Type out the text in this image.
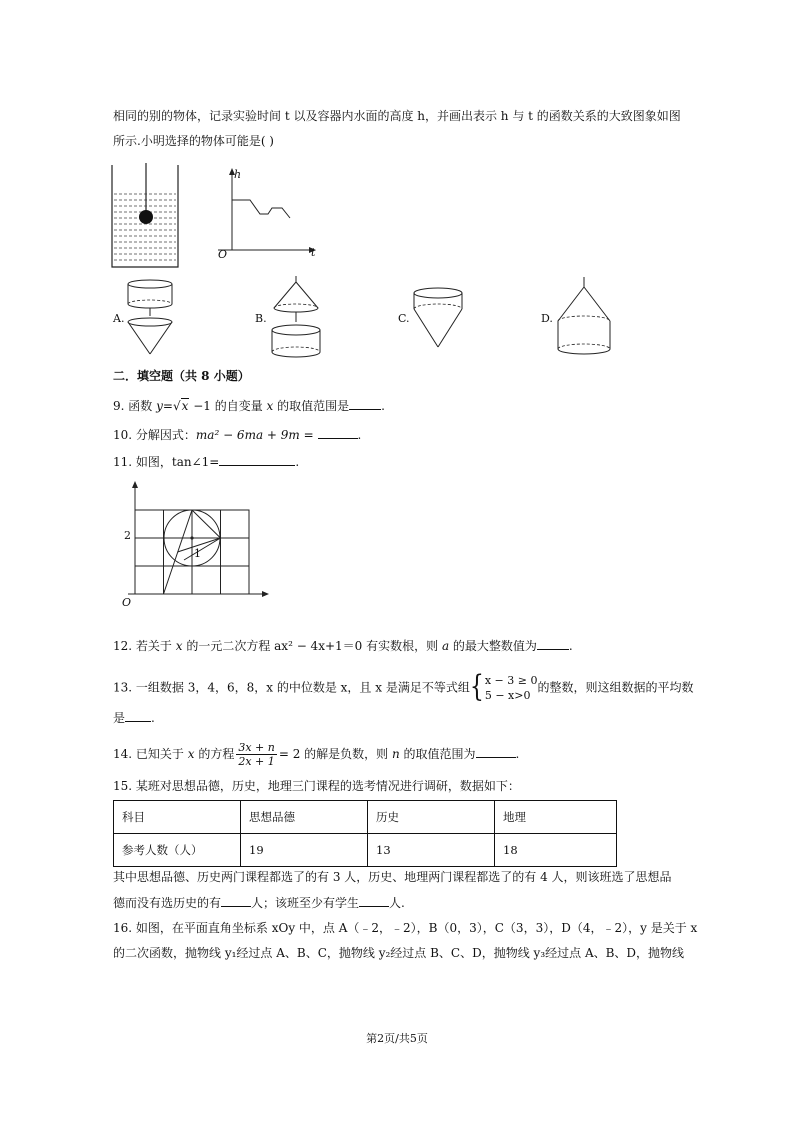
相同的别的物体，记录实验时间 t 以及容器内水面的高度 h，并画出表示 h 与 t 的函数关系的大致图象如图
所示.小明选择的物体可能是( )
h
t
O
A.	B.	C.	D.
二．填空题（共 8 小题）
9. 函数 y=√x −1 的自变量 x 的取值范围是	.
10. 分解因式：ma² − 6ma + 9m =	.
11. 如图，tan∠1=	.
2
O
1
12. 若关于 x 的一元二次方程 ax² − 4x+1＝0 有实数根，则 a 的最大整数值为	.
13. 一组数据 3，4，6，8，x 的中位数是 x，且 x 是满足不等式组{ x − 3 ≥ 0
5 − x>0
的整数，则这组数据的平均数
是 .
14. 已知关于 x 的方程 $\frac{3x + n}{2x + 1} = 2$ 的解是负数，则 n 的取值范围为	.
15. 某班对思想品德，历史，地理三门课程的选考情况进行调研，数据如下：
科目	思想品德	历史	地理
参考人数（人）	19	13	18
其中思想品德、历史两门课程都选了的有 3 人，历史、地理两门课程都选了的有 4 人，则该班选了思想品
德而没有选历史的有	人；该班至少有学生	人.
16. 如图，在平面直角坐标系 xOy 中，点 A（﹣2，﹣2），B（0，3），C（3，3），D（4，﹣2），y 是关于 x
的二次函数，抛物线 y₁经过点 A、B、C，抛物线 y₂经过点 B、C、D，抛物线 y₃经过点 A、B、D，抛物线
第2页/共5页
